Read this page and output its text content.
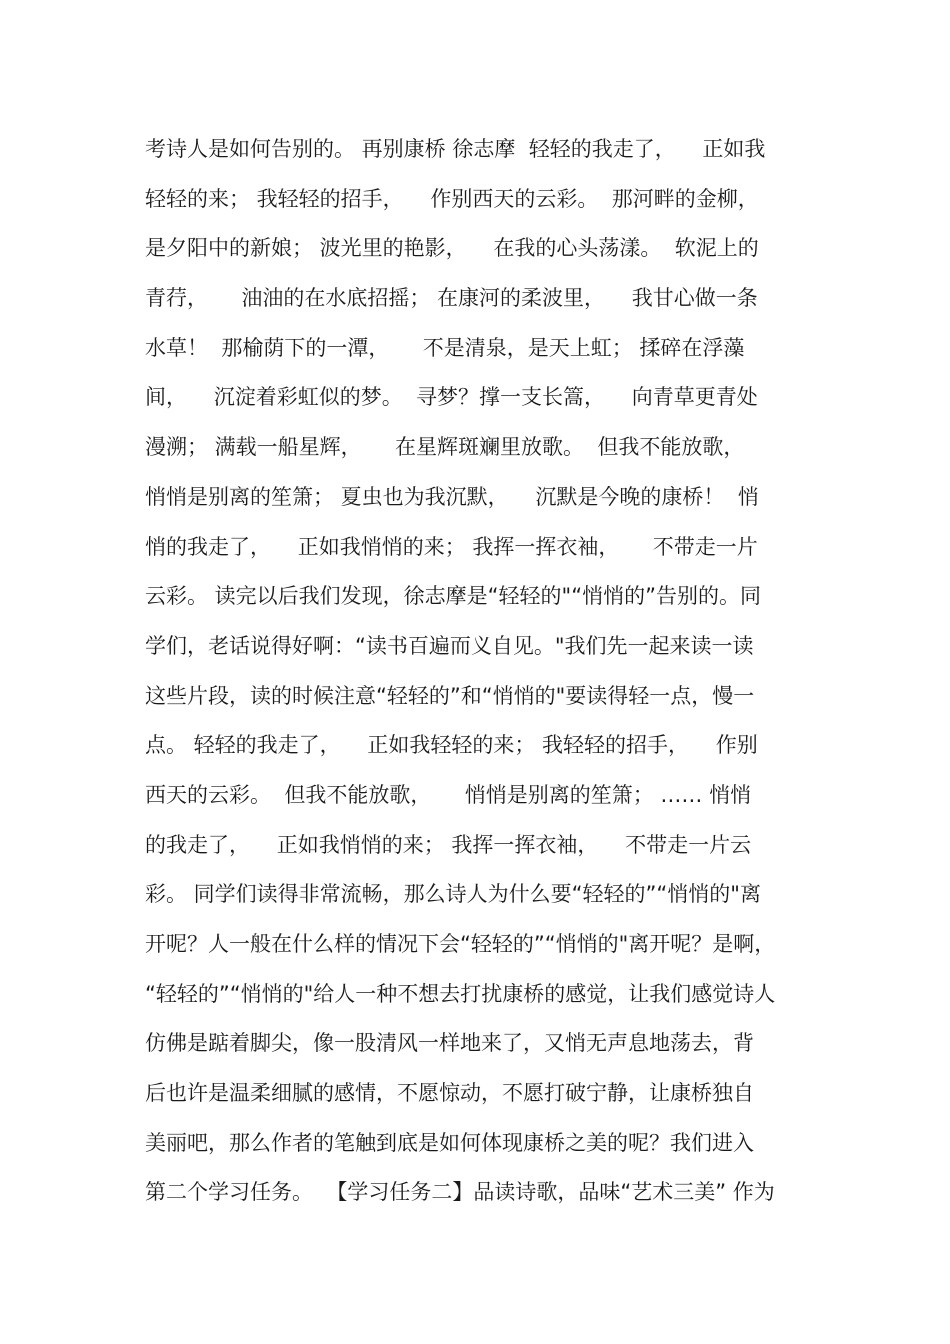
考诗人是如何告别的。 再别康桥 徐志摩  轻轻的我走了，    正如我
轻轻的来； 我轻轻的招手，    作别西天的云彩。  那河畔的金柳，
是夕阳中的新娘； 波光里的艳影，    在我的心头荡漾。  软泥上的
青荇，     油油的在水底招摇； 在康河的柔波里，    我甘心做一条
水草！  那榆荫下的一潭，     不是清泉，是天上虹； 揉碎在浮藻
间，    沉淀着彩虹似的梦。  寻梦？撑一支长篙，    向青草更青处
漫溯； 满载一船星辉，     在星辉斑斓里放歌。  但我不能放歌，
悄悄是别离的笙箫； 夏虫也为我沉默，    沉默是今晚的康桥！  悄
悄的我走了，    正如我悄悄的来； 我挥一挥衣袖，     不带走一片
云彩。 读完以后我们发现，徐志摩是“轻轻的"“悄悄的”告别的。同
学们，老话说得好啊：“读书百遍而义自见。"我们先一起来读一读
这些片段，读的时候注意“轻轻的”和“悄悄的"要读得轻一点，慢一
点。 轻轻的我走了，    正如我轻轻的来； 我轻轻的招手，    作别
西天的云彩。  但我不能放歌，     悄悄是别离的笙箫； …… 悄悄
的我走了，    正如我悄悄的来； 我挥一挥衣袖，    不带走一片云
彩。 同学们读得非常流畅，那么诗人为什么要“轻轻的”“悄悄的"离
开呢？人一般在什么样的情况下会“轻轻的”“悄悄的"离开呢？是啊，
“轻轻的”“悄悄的"给人一种不想去打扰康桥的感觉，让我们感觉诗人
仿佛是踮着脚尖，像一股清风一样地来了，又悄无声息地荡去，背
后也许是温柔细腻的感情，不愿惊动，不愿打破宁静，让康桥独自
美丽吧，那么作者的笔触到底是如何体现康桥之美的呢？我们进入
第二个学习任务。  【学习任务二】品读诗歌，品味“艺术三美” 作为
